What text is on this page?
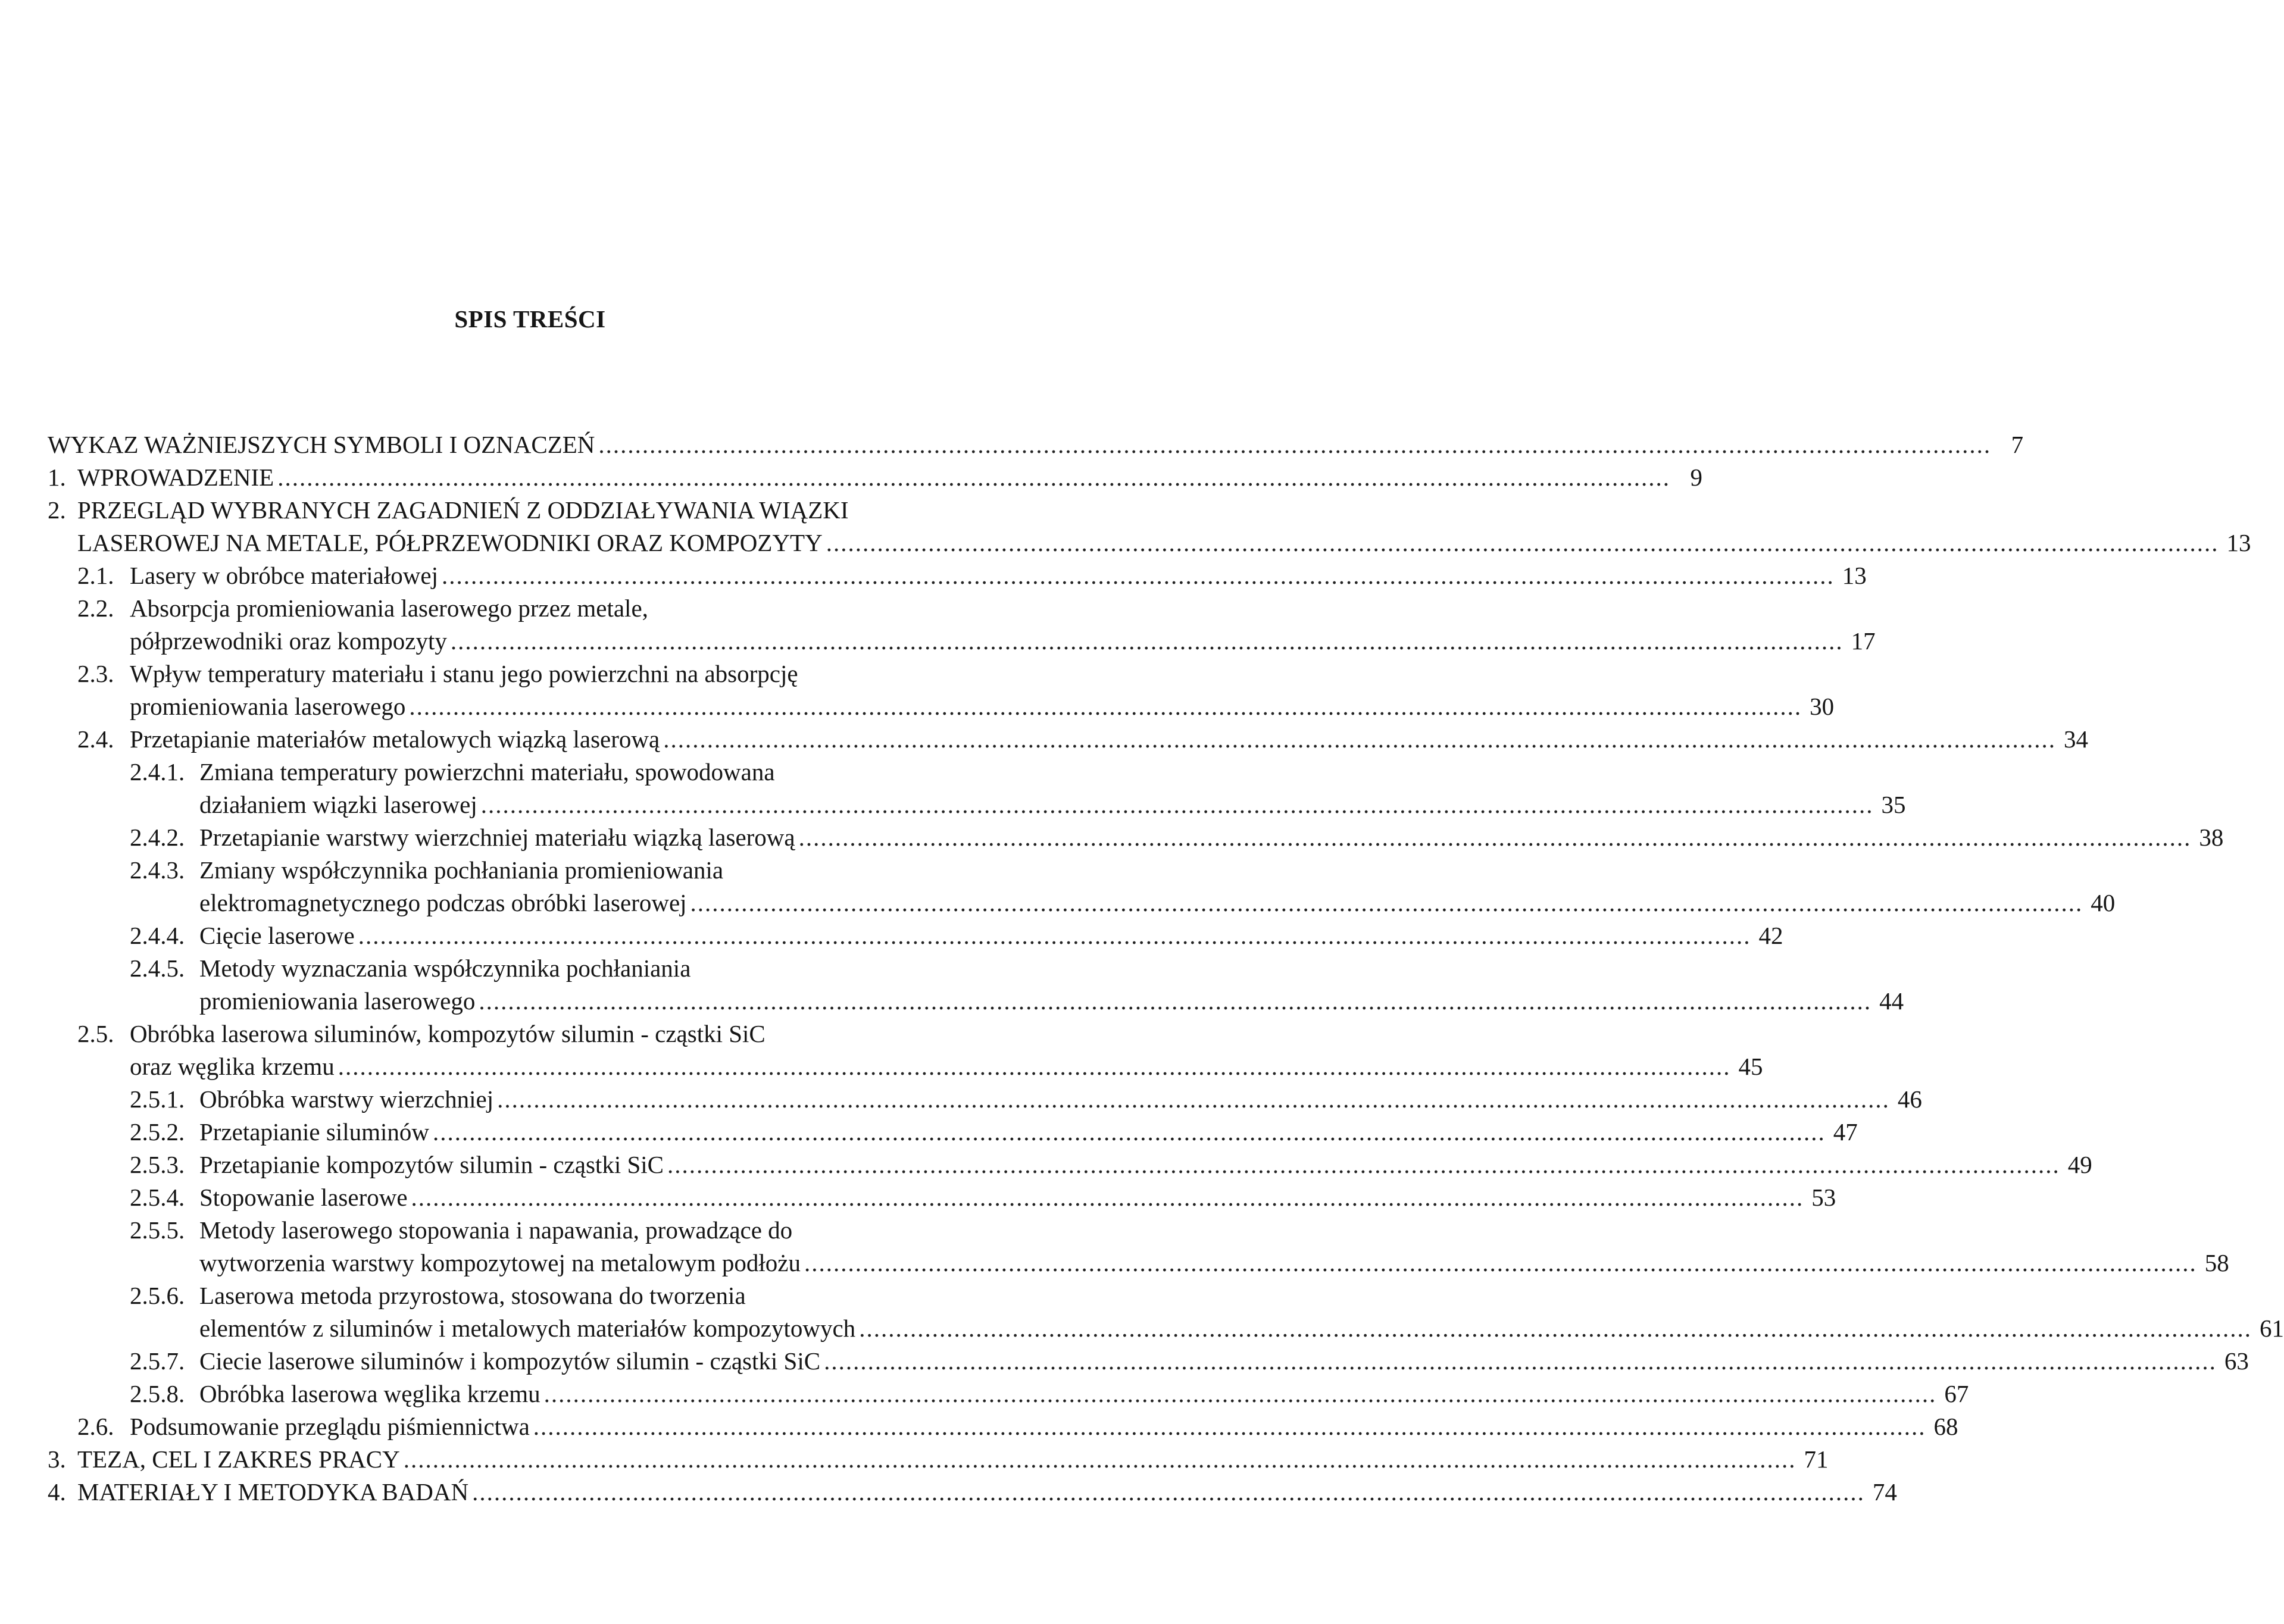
SPIS TREŚCI
WYKAZ WAŻNIEJSZYCH SYMBOLI I OZNACZEŃ ............................................................................................................................................................................................... 7
1. WPROWADZENIE ............................................................................................................................................................................................... 9
2. PRZEGLĄD WYBRANYCH ZAGADNIEŃ Z ODDZIAŁYWANIA WIĄZKI
LASEROWEJ NA METALE, PÓŁPRZEWODNIKI ORAZ KOMPOZYTY ............................................................................................................................................................................................... 13
2.1. Lasery w obróbce materiałowej ............................................................................................................................................................................................... 13
2.2. Absorpcja promieniowania laserowego przez metale,
półprzewodniki oraz kompozyty ............................................................................................................................................................................................... 17
2.3. Wpływ temperatury materiału i stanu jego powierzchni na absorpcję
promieniowania laserowego ............................................................................................................................................................................................... 30
2.4. Przetapianie materiałów metalowych wiązką laserową ............................................................................................................................................................................................... 34
2.4.1. Zmiana temperatury powierzchni materiału, spowodowana
działaniem wiązki laserowej ............................................................................................................................................................................................... 35
2.4.2. Przetapianie warstwy wierzchniej materiału wiązką laserową ............................................................................................................................................................................................... 38
2.4.3. Zmiany współczynnika pochłaniania promieniowania
elektromagnetycznego podczas obróbki laserowej ............................................................................................................................................................................................... 40
2.4.4. Cięcie laserowe ............................................................................................................................................................................................... 42
2.4.5. Metody wyznaczania współczynnika pochłaniania
promieniowania laserowego ............................................................................................................................................................................................... 44
2.5. Obróbka laserowa siluminów, kompozytów silumin - cząstki SiC
oraz węglika krzemu ............................................................................................................................................................................................... 45
2.5.1. Obróbka warstwy wierzchniej ............................................................................................................................................................................................... 46
2.5.2. Przetapianie siluminów ............................................................................................................................................................................................... 47
2.5.3. Przetapianie kompozytów silumin - cząstki SiC ............................................................................................................................................................................................... 49
2.5.4. Stopowanie laserowe ............................................................................................................................................................................................... 53
2.5.5. Metody laserowego stopowania i napawania, prowadzące do
wytworzenia warstwy kompozytowej na metalowym podłożu ............................................................................................................................................................................................... 58
2.5.6. Laserowa metoda przyrostowa, stosowana do tworzenia
elementów z siluminów i metalowych materiałów kompozytowych ............................................................................................................................................................................................... 61
2.5.7. Ciecie laserowe siluminów i kompozytów silumin - cząstki SiC ............................................................................................................................................................................................... 63
2.5.8. Obróbka laserowa węglika krzemu ............................................................................................................................................................................................... 67
2.6. Podsumowanie przeglądu piśmiennictwa ............................................................................................................................................................................................... 68
3. TEZA, CEL I ZAKRES PRACY ............................................................................................................................................................................................... 71
4. MATERIAŁY I METODYKA BADAŃ ............................................................................................................................................................................................... 74
